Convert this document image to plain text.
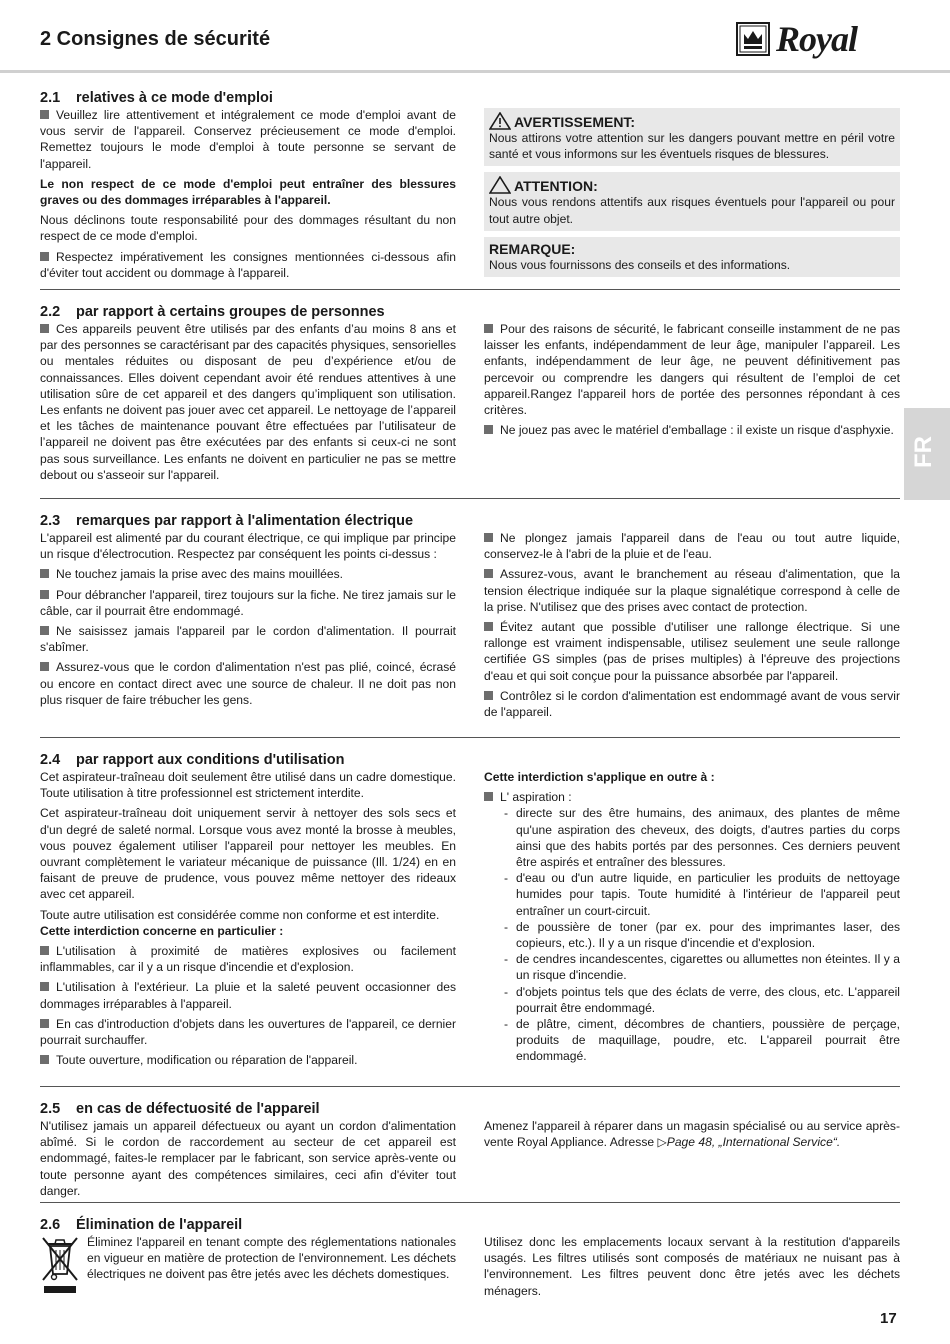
2 Consignes de sécurité	Royal
FR
2.1 relatives à ce mode d'emploi

Veuillez lire attentivement et intégralement ce mode d'emploi avant de vous servir de l'appareil. Conservez précieusement ce mode d'emploi. Remettez toujours le mode d'emploi à toute personne se servant de l'appareil.

Le non respect de ce mode d'emploi peut entraîner des blessures graves ou des dommages irréparables à l'appareil.

Nous déclinons toute responsabilité pour des dommages résultant du non respect de ce mode d'emploi.

Respectez impérativement les consignes mentionnées ci-dessous afin d'éviter tout accident ou dommage à l'appareil.

AVERTISSEMENT:

Nous attirons votre attention sur les dangers pouvant mettre en péril votre santé et vous informons sur les éventuels risques de blessures.

ATTENTION:

Nous vous rendons attentifs aux risques éventuels pour l'appareil ou pour tout autre objet.

REMARQUE:

Nous vous fournissons des conseils et des informations.

2.2 par rapport à certains groupes de personnes

Ces appareils peuvent être utilisés par des enfants d’au moins 8 ans et par des personnes se caractérisant par des capacités physiques, sensorielles ou mentales réduites ou disposant de peu d’expérience et/ou de connaissances. Elles doivent cependant avoir été rendues attentives à une utilisation sûre de cet appareil et des dangers qu’impliquent son utilisation. Les enfants ne doivent pas jouer avec cet appareil. Le nettoyage de l’appareil et les tâches de maintenance pouvant être effectuées par l’utilisateur de l’appareil ne doivent pas être exécutées par des enfants si ceux-ci ne sont pas sous surveillance. Les enfants ne doivent en particulier ne pas se mettre debout ou s'asseoir sur l'appareil.

Pour des raisons de sécurité, le fabricant conseille instamment de ne pas laisser les enfants, indépendamment de leur âge, manipuler l’appareil. Les enfants, indépendamment de leur âge, ne peuvent définitivement pas percevoir ou comprendre les dangers qui résultent de l’emploi de cet appareil.Rangez l'appareil hors de portée des personnes répondant à ces critères.

Ne jouez pas avec le matériel d'emballage : il existe un risque d'asphyxie.

2.3 remarques par rapport à l'alimentation électrique

L'appareil est alimenté par du courant électrique, ce qui implique par principe un risque d'électrocution. Respectez par conséquent les points ci-dessus :

Ne touchez jamais la prise avec des mains mouillées.

Pour débrancher l'appareil, tirez toujours sur la fiche. Ne tirez jamais sur le câble, car il pourrait être endommagé.

Ne saisissez jamais l'appareil par le cordon d'alimentation. Il pourrait s'abîmer.

Assurez-vous que le cordon d'alimentation n'est pas plié, coincé, écrasé ou encore en contact direct avec une source de chaleur. Il ne doit pas non plus risquer de faire trébucher les gens.

Ne plongez jamais l'appareil dans de l'eau ou tout autre liquide, conservez-le à l'abri de la pluie et de l'eau.

Assurez-vous, avant le branchement au réseau d'alimentation, que la tension électrique indiquée sur la plaque signalétique correspond à celle de la prise. N'utilisez que des prises avec contact de protection.

Évitez autant que possible d'utiliser une rallonge électrique. Si une rallonge est vraiment indispensable, utilisez seulement une seule rallonge certifiée GS simples (pas de prises multiples) à l'épreuve des projections d'eau et qui soit conçue pour la puissance absorbée par l'appareil.

Contrôlez si le cordon d'alimentation est endommagé avant de vous servir de l'appareil.

2.4 par rapport aux conditions d'utilisation

Cet aspirateur-traîneau doit seulement être utilisé dans un cadre domestique. Toute utilisation à titre professionnel est strictement interdite.

Cet aspirateur-traîneau doit uniquement servir à nettoyer des sols secs et d'un degré de saleté normal. Lorsque vous avez monté la brosse à meubles, vous pouvez également utiliser l'appareil pour nettoyer les meubles. En ouvrant complètement le variateur mécanique de puissance (Ill. 1/24) en en faisant de preuve de prudence, vous pouvez même nettoyer des rideaux avec cet appareil.

Toute autre utilisation est considérée comme non conforme et est interdite.

Cette interdiction concerne en particulier :

L'utilisation à proximité de matières explosives ou facilement inflammables, car il y a un risque d'incendie et d'explosion.

L'utilisation à l'extérieur. La pluie et la saleté peuvent occasionner des dommages irréparables à l'appareil.

En cas d'introduction d'objets dans les ouvertures de l'appareil, ce dernier pourrait surchauffer.

Toute ouverture, modification ou réparation de l'appareil.

Cette interdiction s'applique en outre à :

L' aspiration :

- directe sur des être humains, des animaux, des plantes de même qu'une aspiration des cheveux, des doigts, d'autres parties du corps ainsi que des habits portés par des personnes. Ces derniers peuvent être aspirés et entraîner des blessures.
- d'eau ou d'un autre liquide, en particulier les produits de nettoyage humides pour tapis. Toute humidité à l'intérieur de l'appareil peut entraîner un court-circuit.
- de poussière de toner (par ex. pour des imprimantes laser, des copieurs, etc.). Il y a un risque d'incendie et d'explosion.
- de cendres incandescentes, cigarettes ou allumettes non éteintes. Il y a un risque d'incendie.
- d'objets pointus tels que des éclats de verre, des clous, etc. L'appareil pourrait être endommagé.
- de plâtre, ciment, décombres de chantiers, poussière de perçage, produits de maquillage, poudre, etc. L'appareil pourrait être endommagé.
2.5 en cas de défectuosité de l'appareil

N'utilisez jamais un appareil défectueux ou ayant un cordon d'alimentation abîmé. Si le cordon de raccordement au secteur de cet appareil est endommagé, faites-le remplacer par le fabricant, son service après-vente ou toute personne ayant des compétences similaires, ceci afin d'éviter tout danger.

Amenez l'appareil à réparer dans un magasin spécialisé ou au service après-vente Royal Appliance. Adresse ▷Page 48, „International Service“.

2.6 Élimination de l'appareil

Éliminez l'appareil en tenant compte des réglementations nationales en vigueur en matière de protection de l'environnement. Les déchets électriques ne doivent pas être jetés avec les déchets domestiques.

Utilisez donc les emplacements locaux servant à la restitution d'appareils usagés. Les filtres utilisés sont composés de matériaux ne nuisant pas à l'environnement. Les filtres peuvent donc être jetés avec les déchets ménagers.

17
